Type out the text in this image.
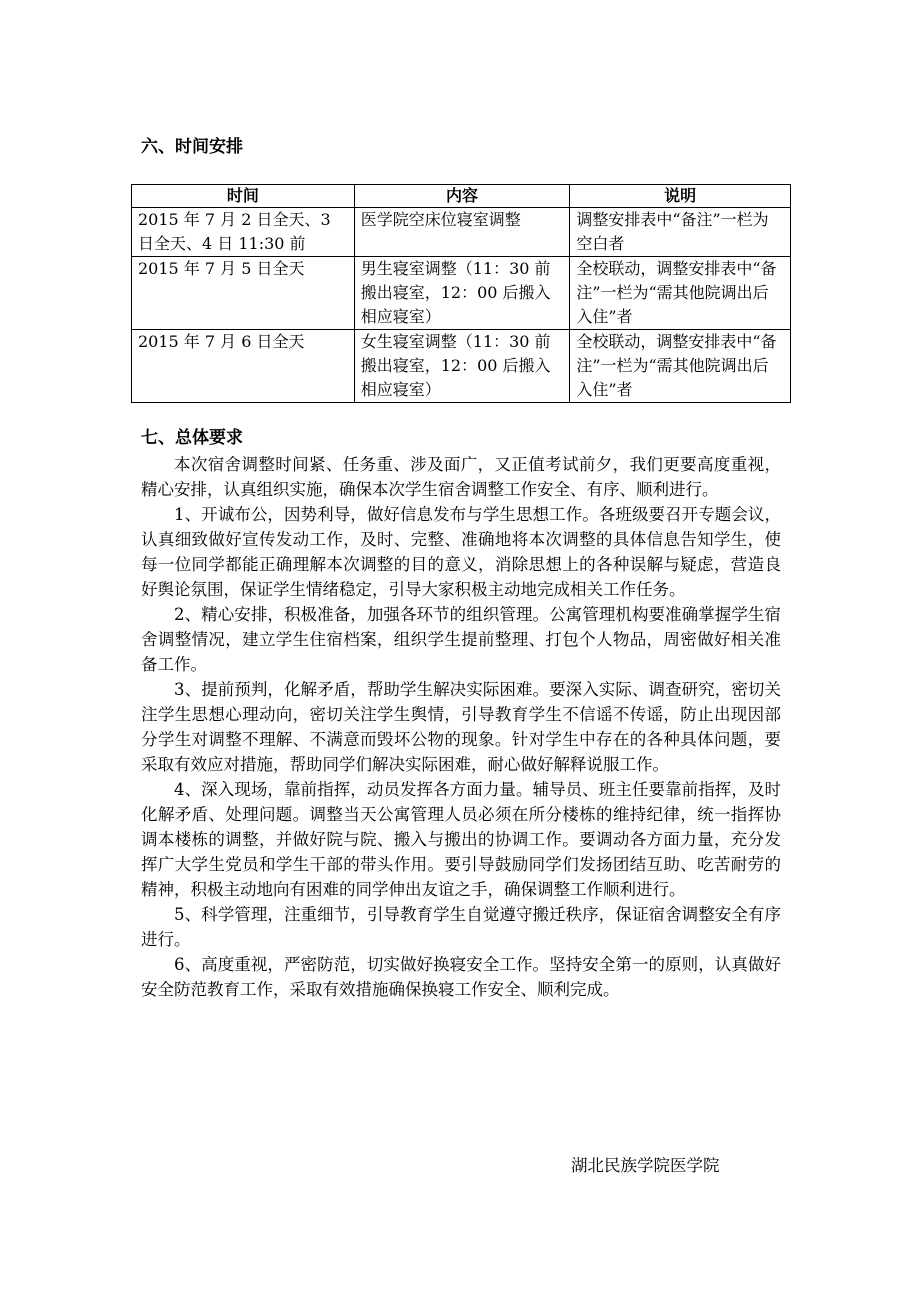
六、时间安排
时间	内容	说明
2015 年 7 月 2 日全天、3 日全天、4 日 11:30 前	医学院空床位寝室调整	调整安排表中“备注”一栏为空白者
2015 年 7 月 5 日全天	男生寝室调整（11：30 前搬出寝室，12：00 后搬入相应寝室）	全校联动，调整安排表中“备注”一栏为“需其他院调出后入住”者
2015 年 7 月 6 日全天	女生寝室调整（11：30 前搬出寝室，12：00 后搬入相应寝室）	全校联动，调整安排表中“备注”一栏为“需其他院调出后入住”者
七、总体要求

本次宿舍调整时间紧、任务重、涉及面广，又正值考试前夕，我们更要高度重视，精心安排，认真组织实施，确保本次学生宿舍调整工作安全、有序、顺利进行。

1、开诚布公，因势利导，做好信息发布与学生思想工作。各班级要召开专题会议，认真细致做好宣传发动工作，及时、完整、准确地将本次调整的具体信息告知学生，使每一位同学都能正确理解本次调整的目的意义，消除思想上的各种误解与疑虑，营造良好舆论氛围，保证学生情绪稳定，引导大家积极主动地完成相关工作任务。

2、精心安排，积极准备，加强各环节的组织管理。公寓管理机构要准确掌握学生宿舍调整情况，建立学生住宿档案，组织学生提前整理、打包个人物品，周密做好相关准备工作。

3、提前预判，化解矛盾，帮助学生解决实际困难。要深入实际、调查研究，密切关注学生思想心理动向，密切关注学生舆情，引导教育学生不信谣不传谣，防止出现因部分学生对调整不理解、不满意而毁坏公物的现象。针对学生中存在的各种具体问题，要采取有效应对措施，帮助同学们解决实际困难，耐心做好解释说服工作。

4、深入现场，靠前指挥，动员发挥各方面力量。辅导员、班主任要靠前指挥，及时化解矛盾、处理问题。调整当天公寓管理人员必须在所分楼栋的维持纪律，统一指挥协调本楼栋的调整，并做好院与院、搬入与搬出的协调工作。要调动各方面力量，充分发挥广大学生党员和学生干部的带头作用。要引导鼓励同学们发扬团结互助、吃苦耐劳的精神，积极主动地向有困难的同学伸出友谊之手，确保调整工作顺利进行。

5、科学管理，注重细节，引导教育学生自觉遵守搬迁秩序，保证宿舍调整安全有序进行。

6、高度重视，严密防范，切实做好换寝安全工作。坚持安全第一的原则，认真做好安全防范教育工作，采取有效措施确保换寝工作安全、顺利完成。

湖北民族学院医学院
